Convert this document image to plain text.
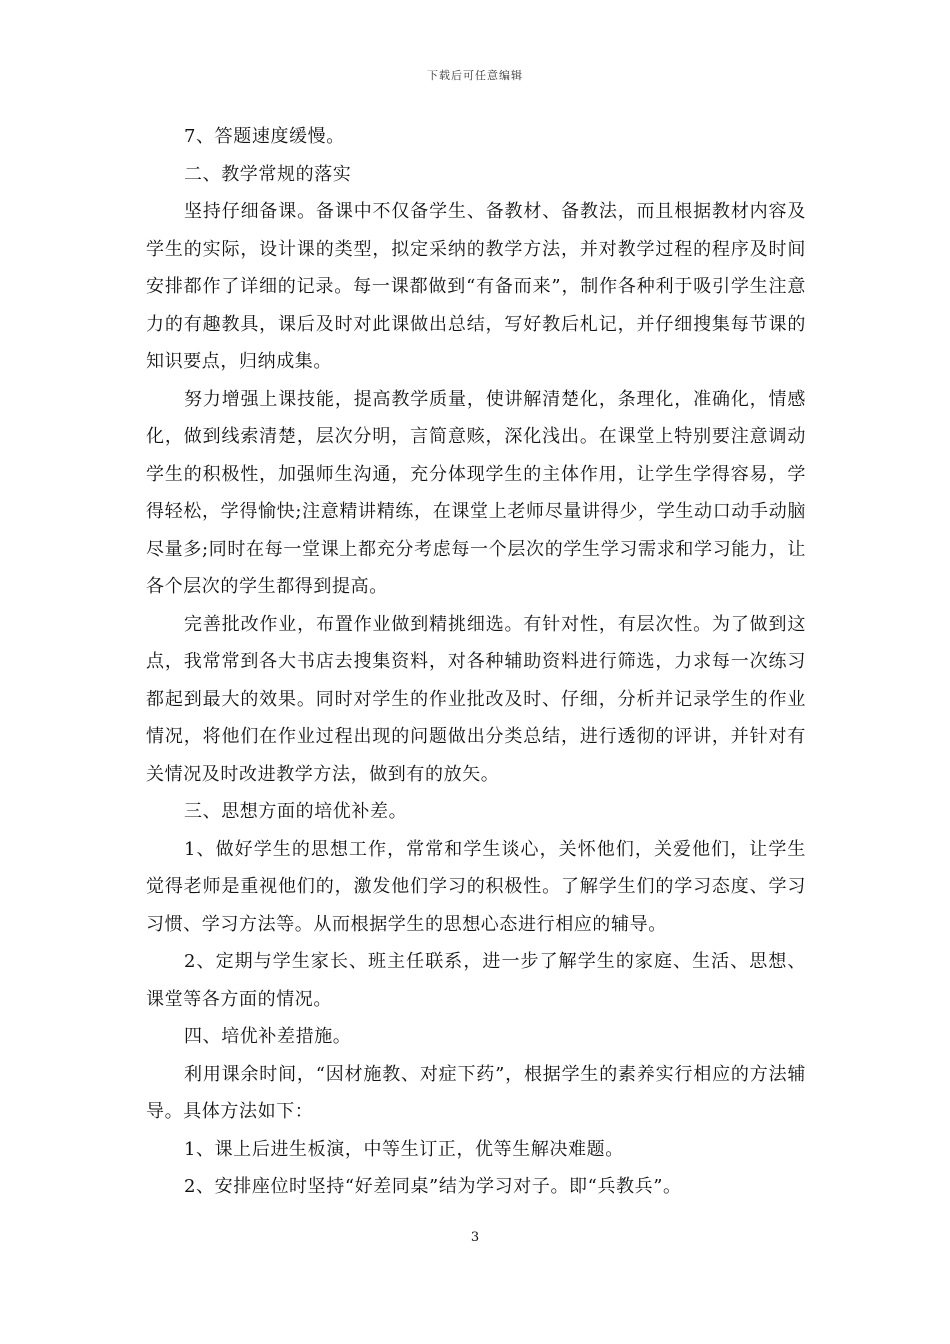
下载后可任意编辑

7、答题速度缓慢。

二、教学常规的落实

坚持仔细备课。备课中不仅备学生、备教材、备教法，而且根据教材内容及学生的实际，设计课的类型，拟定采纳的教学方法，并对教学过程的程序及时间安排都作了详细的记录。每一课都做到“有备而来”，制作各种利于吸引学生注意力的有趣教具，课后及时对此课做出总结，写好教后札记，并仔细搜集每节课的知识要点，归纳成集。

努力增强上课技能，提高教学质量，使讲解清楚化，条理化，准确化，情感化，做到线索清楚，层次分明，言简意赅，深化浅出。在课堂上特别要注意调动学生的积极性，加强师生沟通，充分体现学生的主体作用，让学生学得容易，学得轻松，学得愉快;注意精讲精练，在课堂上老师尽量讲得少，学生动口动手动脑尽量多;同时在每一堂课上都充分考虑每一个层次的学生学习需求和学习能力，让各个层次的学生都得到提高。

完善批改作业，布置作业做到精挑细选。有针对性，有层次性。为了做到这点，我常常到各大书店去搜集资料，对各种辅助资料进行筛选，力求每一次练习都起到最大的效果。同时对学生的作业批改及时、仔细，分析并记录学生的作业情况，将他们在作业过程出现的问题做出分类总结，进行透彻的评讲，并针对有关情况及时改进教学方法，做到有的放矢。

三、思想方面的培优补差。

1、做好学生的思想工作，常常和学生谈心，关怀他们，关爱他们，让学生觉得老师是重视他们的，激发他们学习的积极性。了解学生们的学习态度、学习习惯、学习方法等。从而根据学生的思想心态进行相应的辅导。

2、定期与学生家长、班主任联系，进一步了解学生的家庭、生活、思想、课堂等各方面的情况。

四、培优补差措施。

利用课余时间，“因材施教、对症下药”，根据学生的素养实行相应的方法辅导。具体方法如下：

1、课上后进生板演，中等生订正，优等生解决难题。

2、安排座位时坚持“好差同桌”结为学习对子。即“兵教兵”。

3
